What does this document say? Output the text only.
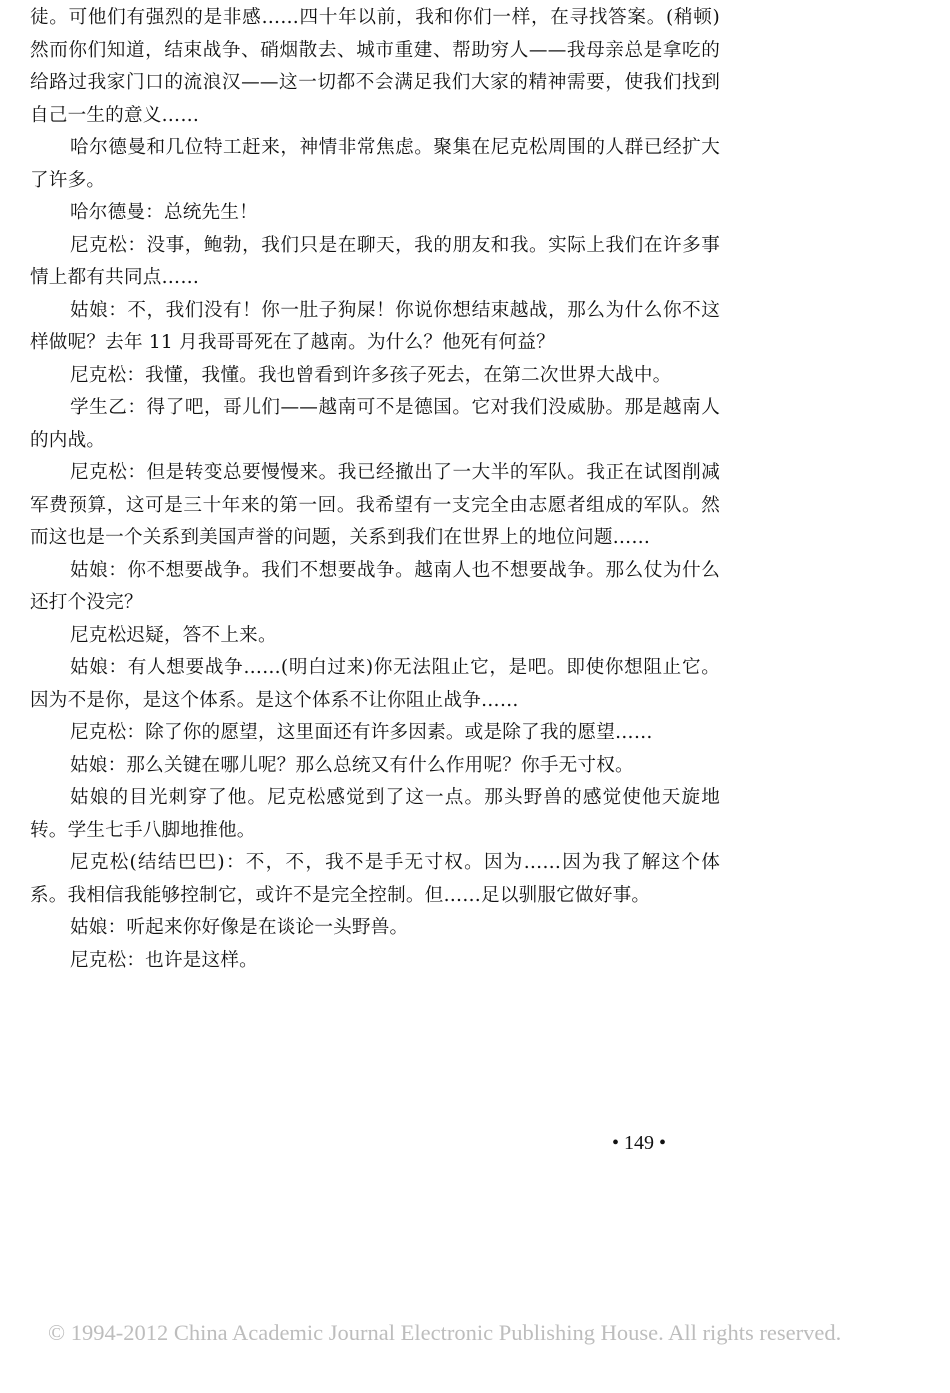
徒。可他们有强烈的是非感……四十年以前，我和你们一样，在寻找答案。(稍顿)然而你们知道，结束战争、硝烟散去、城市重建、帮助穷人——我母亲总是拿吃的给路过我家门口的流浪汉——这一切都不会满足我们大家的精神需要，使我们找到自己一生的意义……

哈尔德曼和几位特工赶来，神情非常焦虑。聚集在尼克松周围的人群已经扩大了许多。

哈尔德曼：总统先生！

尼克松：没事，鲍勃，我们只是在聊天，我的朋友和我。实际上我们在许多事情上都有共同点……

姑娘：不，我们没有！你一肚子狗屎！你说你想结束越战，那么为什么你不这样做呢？去年 11 月我哥哥死在了越南。为什么？他死有何益？

尼克松：我懂，我懂。我也曾看到许多孩子死去，在第二次世界大战中。

学生乙：得了吧，哥儿们——越南可不是德国。它对我们没威胁。那是越南人的内战。

尼克松：但是转变总要慢慢来。我已经撤出了一大半的军队。我正在试图削减军费预算，这可是三十年来的第一回。我希望有一支完全由志愿者组成的军队。然而这也是一个关系到美国声誉的问题，关系到我们在世界上的地位问题……

姑娘：你不想要战争。我们不想要战争。越南人也不想要战争。那么仗为什么还打个没完？

尼克松迟疑，答不上来。

姑娘：有人想要战争……(明白过来)你无法阻止它，是吧。即使你想阻止它。因为不是你，是这个体系。是这个体系不让你阻止战争……

尼克松：除了你的愿望，这里面还有许多因素。或是除了我的愿望……

姑娘：那么关键在哪儿呢？那么总统又有什么作用呢？你手无寸权。

姑娘的目光刺穿了他。尼克松感觉到了这一点。那头野兽的感觉使他天旋地转。学生七手八脚地推他。

尼克松(结结巴巴)：不，不，我不是手无寸权。因为……因为我了解这个体系。我相信我能够控制它，或许不是完全控制。但……足以驯服它做好事。

姑娘：听起来你好像是在谈论一头野兽。

尼克松：也许是这样。

• 149 •
© 1994-2012 China Academic Journal Electronic Publishing House. All rights reserved.
